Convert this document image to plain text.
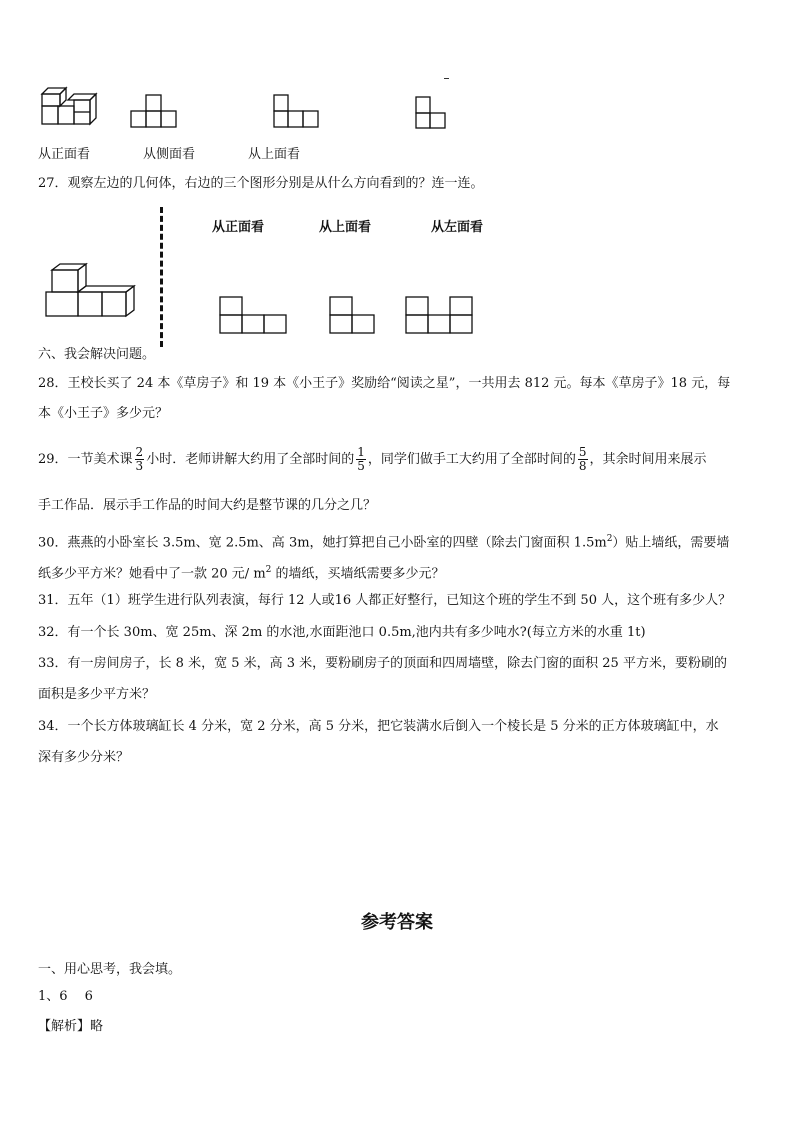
从正面看	从侧面看	从上面看
27．观察左边的几何体，右边的三个图形分别是从什么方向看到的？连一连。
从正面看	从上面看	从左面看
六、我会解决问题。
28．王校长买了 24 本《草房子》和 19 本《小王子》奖励给“阅读之星”，一共用去 812 元。每本《草房子》18 元，每
本《小王子》多少元？
29．一节美术课 $\frac{2}{3}$ 小时．老师讲解大约用了全部时间的 $\frac{1}{5}$ ，同学们做手工大约用了全部时间的 $\frac{5}{8}$ ，其余时间用来展示
手工作品．展示手工作品的时间大约是整节课的几分之几？
30．燕燕的小卧室长 3.5m、宽 2.5m、高 3m，她打算把自己小卧室的四壁（除去门窗面积 $1.5m^2$）贴上墙纸，需要墙
纸多少平方米？她看中了一款 20 元/ $m^2$ 的墙纸，买墙纸需要多少元？
31．五年（1）班学生进行队列表演，每行 12 人或16 人都正好整行，已知这个班的学生不到 50 人，这个班有多少人？
32．有一个长 30m、宽 25m、深 2m 的水池,水面距池口 0.5m,池内共有多少吨水?(每立方米的水重 1t)
33．有一房间房子，长 8 米，宽 5 米，高 3 米，要粉刷房子的顶面和四周墙壁，除去门窗的面积 25 平方米，要粉刷的
面积是多少平方米？
34．一个长方体玻璃缸长 4 分米，宽 2 分米，高 5 分米，把它装满水后倒入一个棱长是 5 分米的正方体玻璃缸中，水
深有多少分米？
参考答案
一、用心思考，我会填。
1、6　 6
【解析】略
